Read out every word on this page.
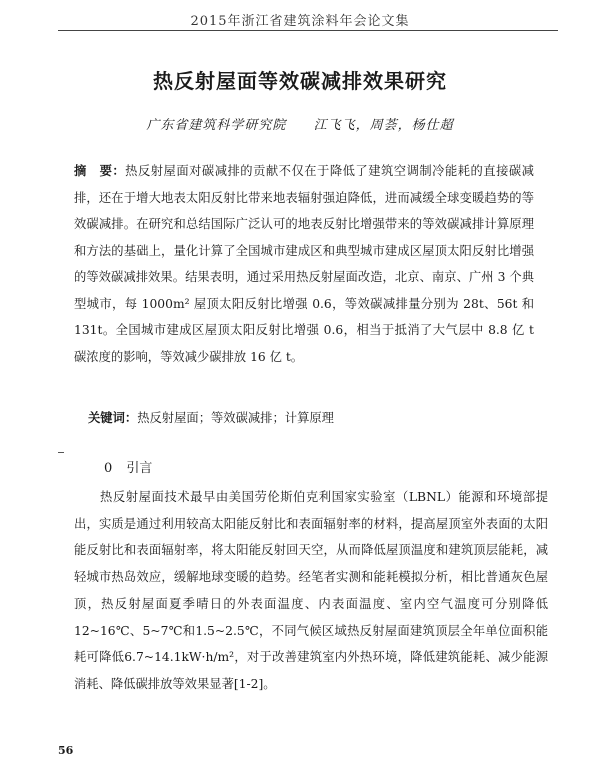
2015年浙江省建筑涂料年会论文集
热反射屋面等效碳减排效果研究
广东省建筑科学研究院 江飞飞，周荟，杨仕超

摘　要：热反射屋面对碳减排的贡献不仅在于降低了建筑空调制冷能耗的直接碳减排，还在于增大地表太阳反射比带来地表辐射强迫降低，进而减缓全球变暖趋势的等效碳减排。在研究和总结国际广泛认可的地表反射比增强带来的等效碳减排计算原理和方法的基础上，量化计算了全国城市建成区和典型城市建成区屋顶太阳反射比增强的等效碳减排效果。结果表明，通过采用热反射屋面改造，北京、南京、广州 3 个典型城市，每 1000m² 屋顶太阳反射比增强 0.6，等效碳减排量分别为 28t、56t 和 131t。全国城市建成区屋顶太阳反射比增强 0.6，相当于抵消了大气层中 8.8 亿 t 碳浓度的影响，等效减少碳排放 16 亿 t。

关键词：热反射屋面；等效碳减排；计算原理
0 引言

热反射屋面技术最早由美国劳伦斯伯克利国家实验室（LBNL）能源和环境部提出，实质是通过利用较高太阳能反射比和表面辐射率的材料，提高屋顶室外表面的太阳能反射比和表面辐射率，将太阳能反射回天空，从而降低屋顶温度和建筑顶层能耗，减轻城市热岛效应，缓解地球变暖的趋势。经笔者实测和能耗模拟分析，相比普通灰色屋顶，热反射屋面夏季晴日的外表面温度、内表面温度、室内空气温度可分别降低12~16℃、5~7℃和1.5~2.5℃，不同气候区域热反射屋面建筑顶层全年单位面积能耗可降低6.7~14.1kW·h/m²，对于改善建筑室内外热环境，降低建筑能耗、减少能源消耗、降低碳排放等效果显著[1-2]。

56
